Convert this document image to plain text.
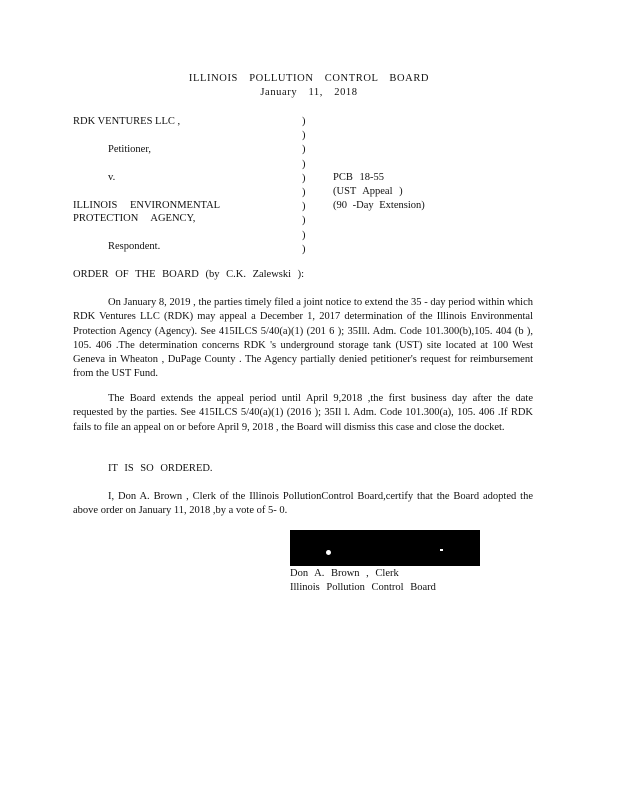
ILLINOIS POLLUTION CONTROL BOARD
January 11, 2018
RDK VENTURES LLC ,
Petitioner,
v.
ILLINOIS ENVIRONMENTAL
PROTECTION AGENCY,
Respondent.
)
)
)
)
)
)
)
)
)
)
PCB 18-55
(UST Appeal )
(90 -Day Extension)
ORDER OF THE BOARD (by C.K. Zalewski ):
On January 8, 2019 , the parties timely filed a joint notice to extend the 35 - day period within which RDK Ventures LLC (RDK) may appeal a December 1, 2017 determination of the Illinois Environmental Protection Agency (Agency). See 415ILCS 5/40(a)(1) (201 6 ); 35Ill. Adm. Code 101.300(b),105. 404 (b ), 105. 406 .The determination concerns RDK 's underground storage tank (UST) site located at 100 West Geneva in Wheaton , DuPage County . The Agency partially denied petitioner's request for reimbursement from the UST Fund.
The Board extends the appeal period until April 9,2018 ,the first business day after the date requested by the parties. See 415ILCS 5/40(a)(1) (2016 ); 35Il l. Adm. Code 101.300(a), 105. 406 .If RDK fails to file an appeal on or before April 9, 2018 , the Board will dismiss this case and close the docket.
IT IS SO ORDERED.
I, Don A. Brown , Clerk of the Illinois PollutionControl Board,certify that the Board adopted the above order on January 11, 2018 ,by a vote of 5- 0.
Don A. Brown , Clerk
Illinois Pollution Control Board
